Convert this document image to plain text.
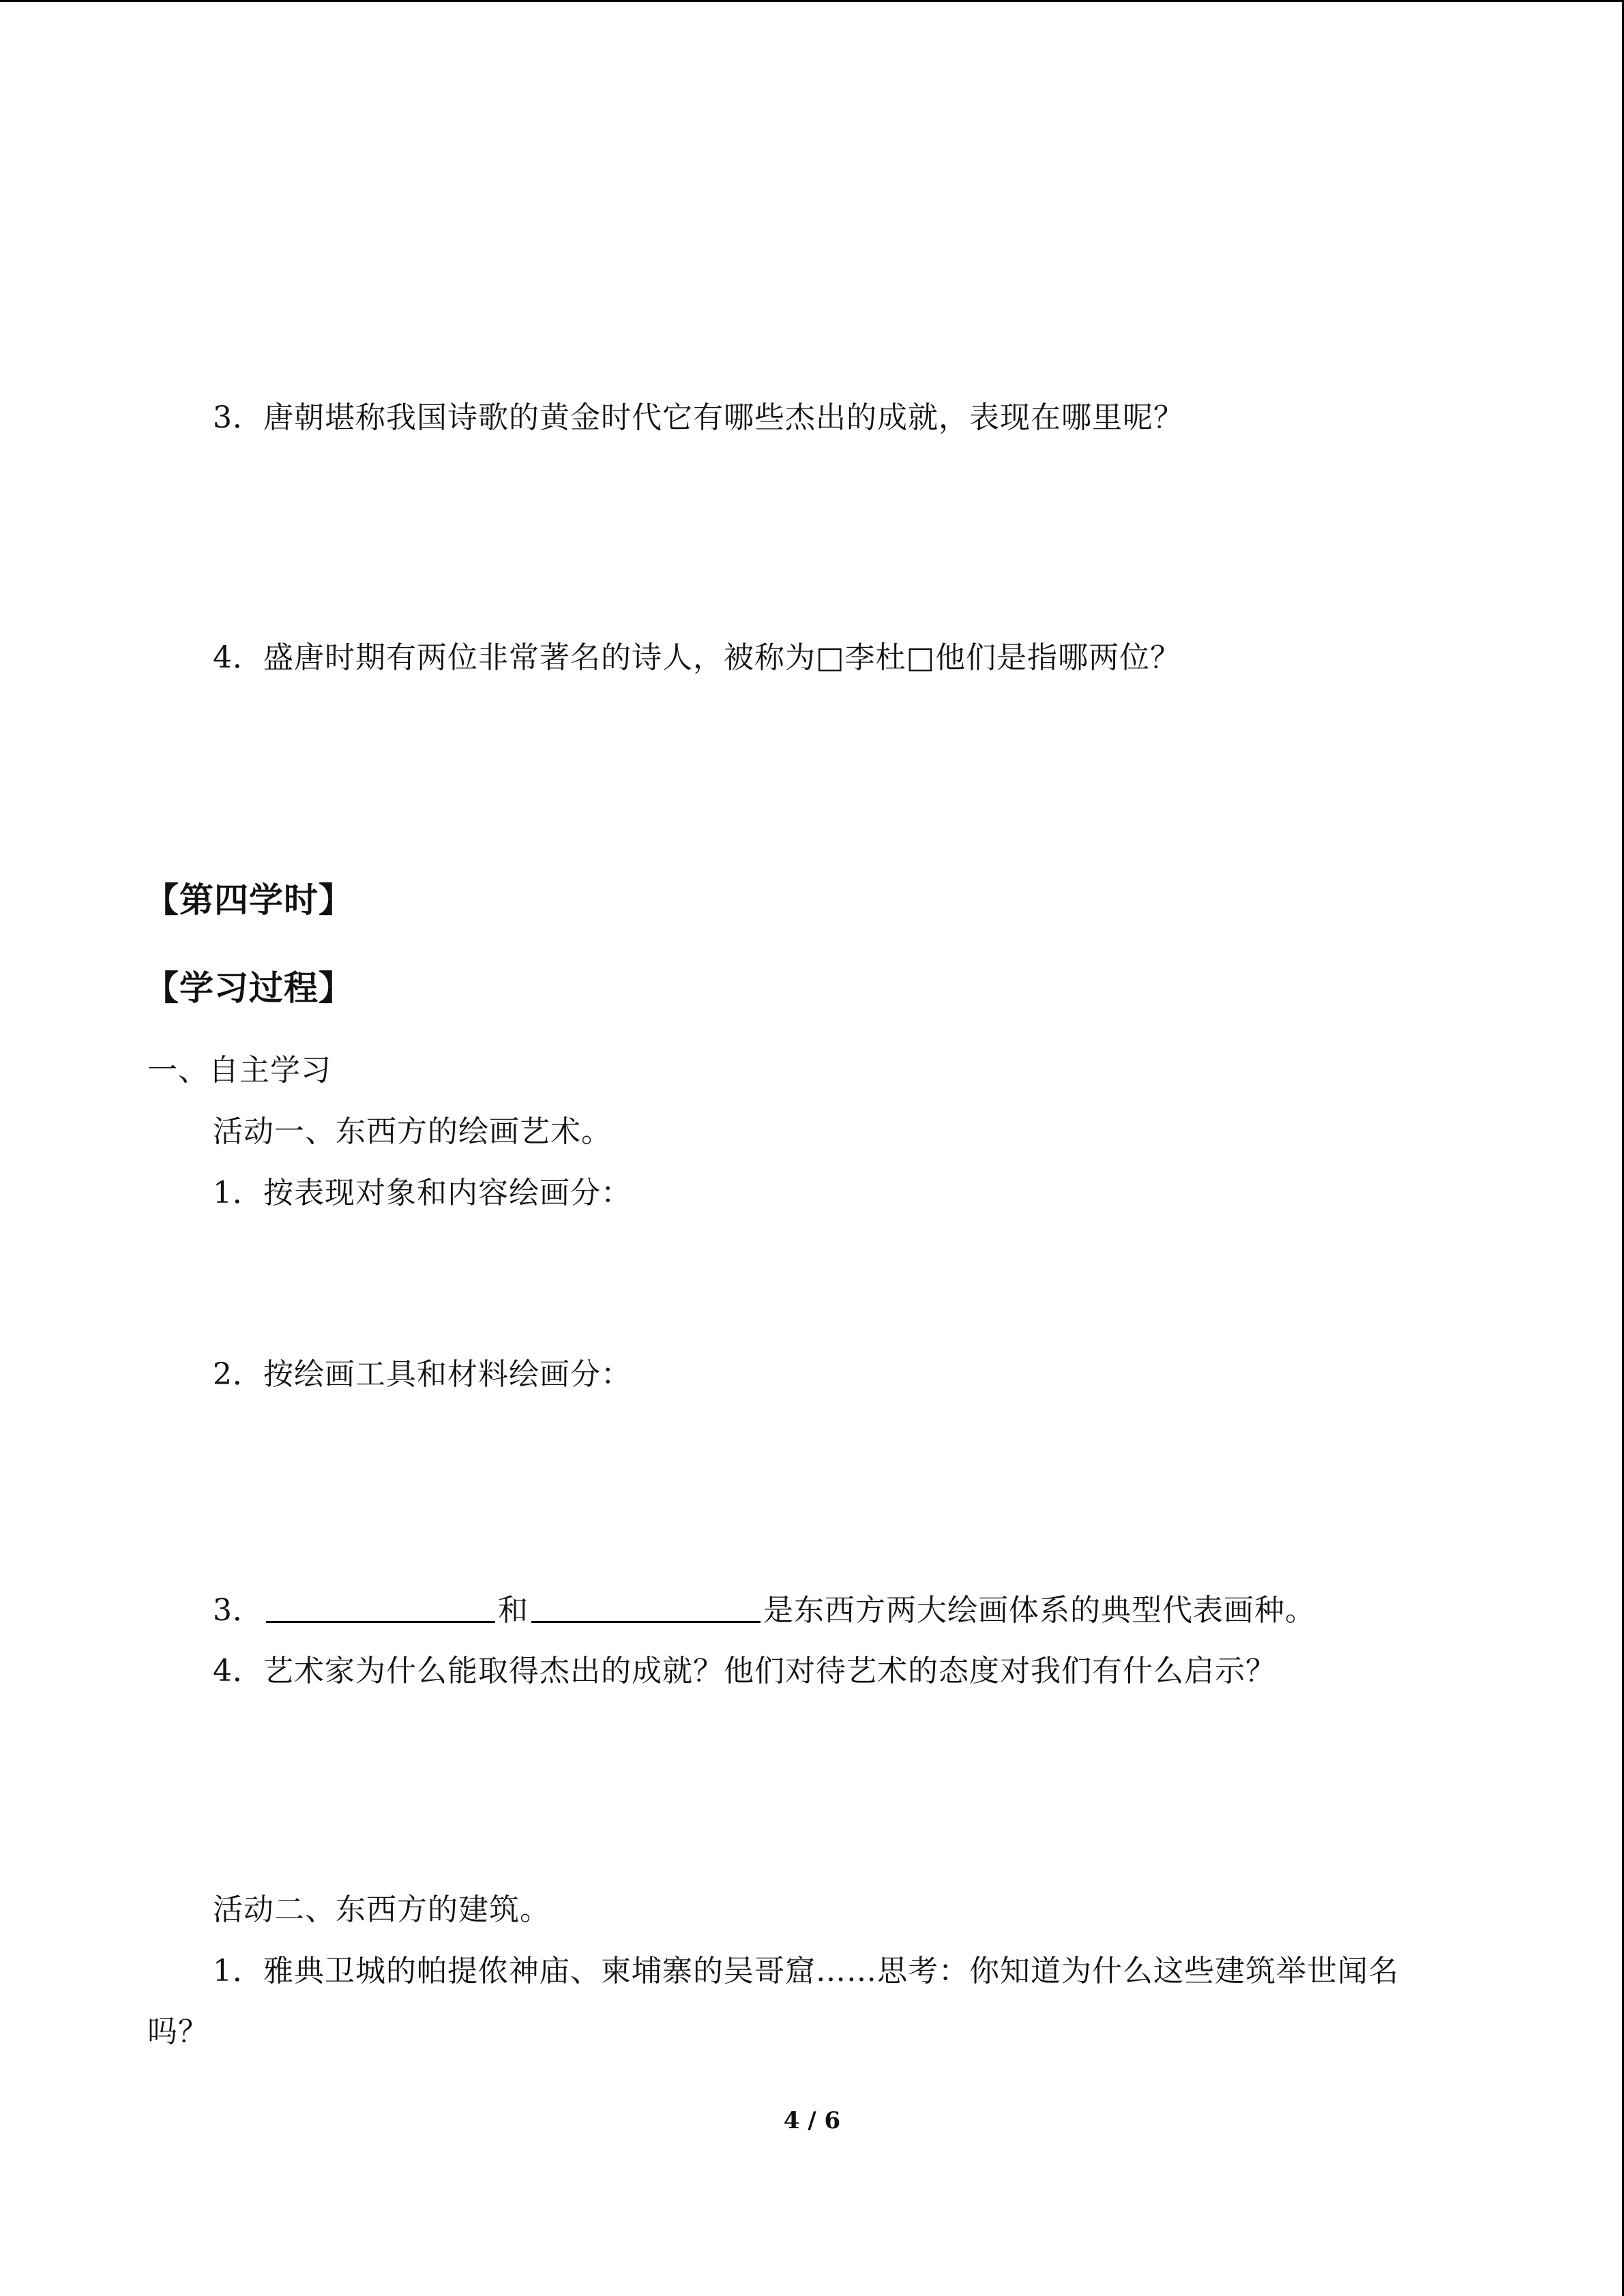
3．唐朝堪称我国诗歌的黄金时代它有哪些杰出的成就，表现在哪里呢？
4．盛唐时期有两位非常著名的诗人，被称为□李杜□他们是指哪两位？
【第四学时】
【学习过程】
一、自主学习
活动一、东西方的绘画艺术。
1．按表现对象和内容绘画分：
2．按绘画工具和材料绘画分：
3．	和	是东西方两大绘画体系的典型代表画种。
4．艺术家为什么能取得杰出的成就？他们对待艺术的态度对我们有什么启示？
活动二、东西方的建筑。
1．雅典卫城的帕提侬神庙、柬埔寨的吴哥窟……思考：你知道为什么这些建筑举世闻名
吗？
4 / 6
